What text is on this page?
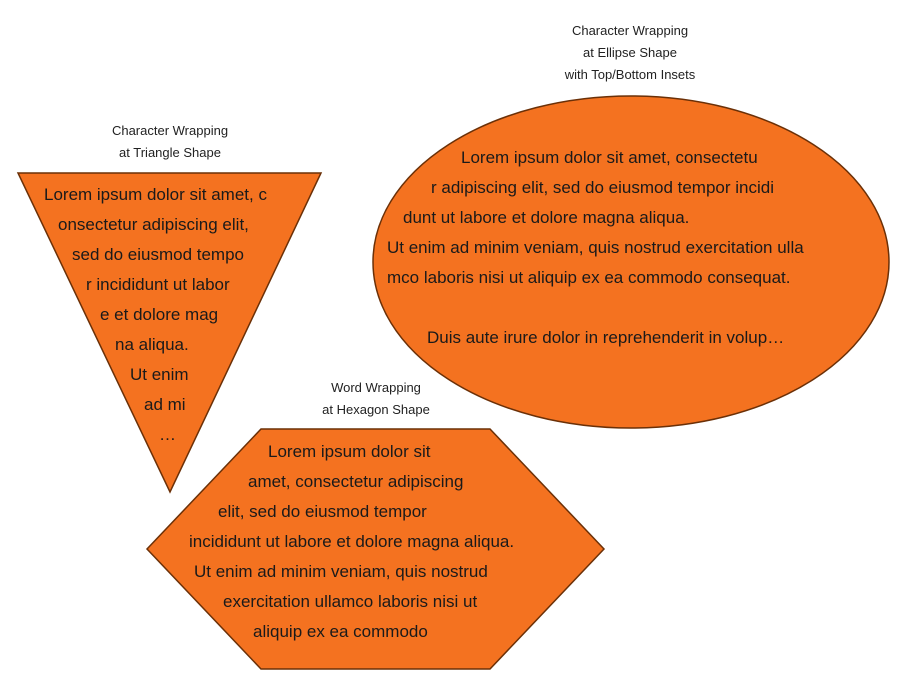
Character Wrapping
at Triangle Shape
Character Wrapping
at Ellipse Shape
with Top/Bottom Insets
Word Wrapping
at Hexagon Shape
Lorem ipsum dolor sit amet, c
onsectetur adipiscing elit,
sed do eiusmod tempo
r incididunt ut labor
e et dolore mag
na aliqua.
Ut enim
ad mi
…
Lorem ipsum dolor sit amet, consectetu
r adipiscing elit, sed do eiusmod tempor incidi
dunt ut labore et dolore magna aliqua.
Ut enim ad minim veniam, quis nostrud exercitation ulla
mco laboris nisi ut aliquip ex ea commodo consequat.
Duis aute irure dolor in reprehenderit in volup…
Lorem ipsum dolor sit
amet, consectetur adipiscing
elit, sed do eiusmod tempor
incididunt ut labore et dolore magna aliqua.
Ut enim ad minim veniam, quis nostrud
exercitation ullamco laboris nisi ut
aliquip ex ea commodo
